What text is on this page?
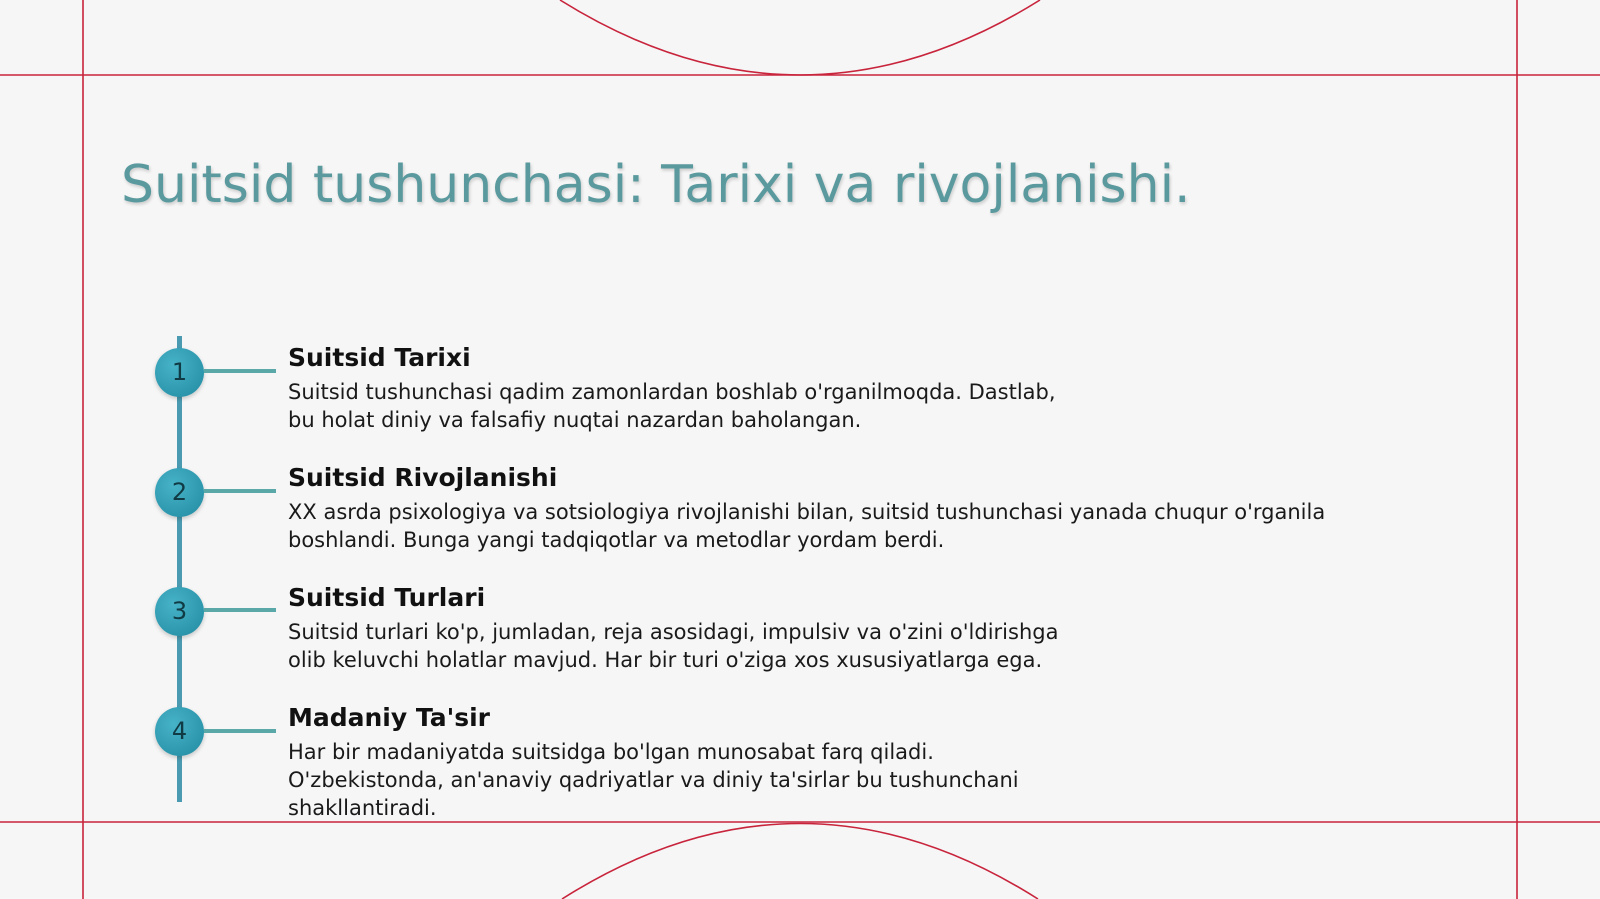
Suitsid tushunchasi: Tarixi va rivojlanishi.
1	Suitsid Tarixi

Suitsid tushunchasi qadim zamonlardan boshlab o'rganilmoqda. Dastlab,
bu holat diniy va falsafiy nuqtai nazardan baholangan.

2	Suitsid Rivojlanishi

XX asrda psixologiya va sotsiologiya rivojlanishi bilan, suitsid tushunchasi yanada chuqur o'rganila
boshlandi. Bunga yangi tadqiqotlar va metodlar yordam berdi.

3	Suitsid Turlari

Suitsid turlari ko'p, jumladan, reja asosidagi, impulsiv va o'zini o'ldirishga
olib keluvchi holatlar mavjud. Har bir turi o'ziga xos xususiyatlarga ega.

4	Madaniy Ta'sir

Har bir madaniyatda suitsidga bo'lgan munosabat farq qiladi.
O'zbekistonda, an'anaviy qadriyatlar va diniy ta'sirlar bu tushunchani
shakllantiradi.
